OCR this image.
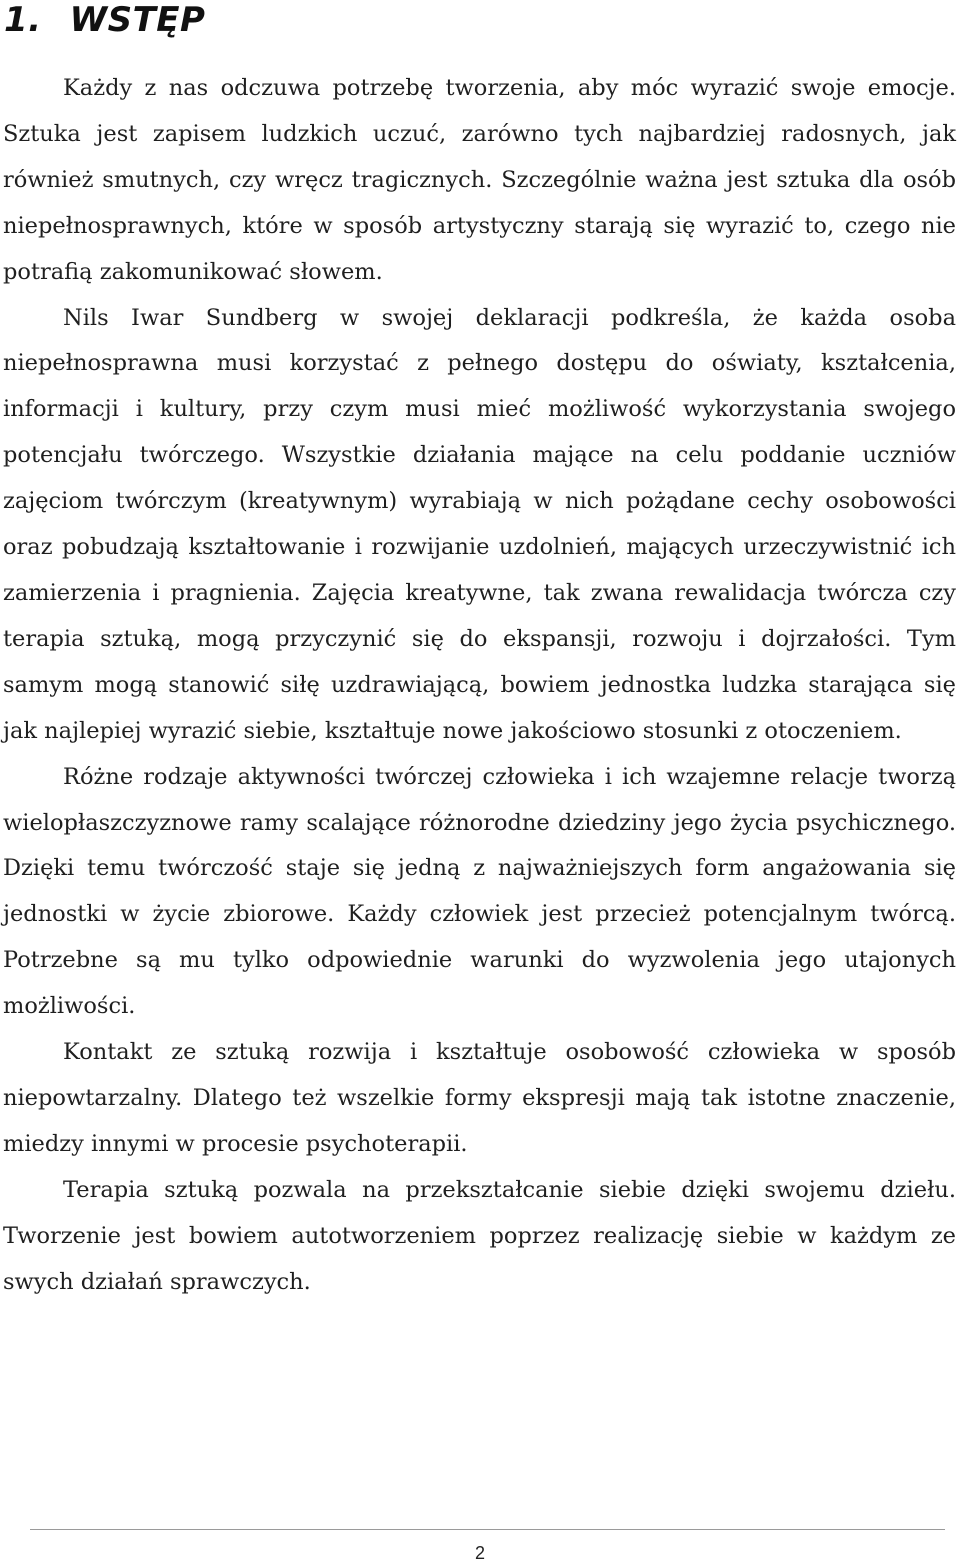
1. WSTĘP

Każdy z nas odczuwa potrzebę tworzenia, aby móc wyrazić swoje emocje. Sztuka jest zapisem ludzkich uczuć, zarówno tych najbardziej radosnych, jak również smutnych, czy wręcz tragicznych. Szczególnie ważna jest sztuka dla osób niepełnosprawnych, które w sposób artystyczny starają się wyrazić to, czego nie potrafią zakomunikować słowem.

Nils Iwar Sundberg w swojej deklaracji podkreśla, że każda osoba niepełnosprawna musi korzystać z pełnego dostępu do oświaty, kształcenia, informacji i kultury, przy czym musi mieć możliwość wykorzystania swojego potencjału twórczego. Wszystkie działania mające na celu poddanie uczniów zajęciom twórczym (kreatywnym) wyrabiają w nich pożądane cechy osobowości oraz pobudzają kształtowanie i rozwijanie uzdolnień, mających urzeczywistnić ich zamierzenia i pragnienia. Zajęcia kreatywne, tak zwana rewalidacja twórcza czy terapia sztuką, mogą przyczynić się do ekspansji, rozwoju i dojrzałości. Tym samym mogą stanowić siłę uzdrawiającą, bowiem jednostka ludzka starająca się jak najlepiej wyrazić siebie, kształtuje nowe jakościowo stosunki z otoczeniem.

Różne rodzaje aktywności twórczej człowieka i ich wzajemne relacje tworzą wielopłaszczyznowe ramy scalające różnorodne dziedziny jego życia psychicznego. Dzięki temu twórczość staje się jedną z najważniejszych form angażowania się jednostki w życie zbiorowe. Każdy człowiek jest przecież potencjalnym twórcą. Potrzebne są mu tylko odpowiednie warunki do wyzwolenia jego utajonych możliwości.

Kontakt ze sztuką rozwija i kształtuje osobowość człowieka w sposób niepowtarzalny. Dlatego też wszelkie formy ekspresji mają tak istotne znaczenie, miedzy innymi w procesie psychoterapii.

Terapia sztuką pozwala na przekształcanie siebie dzięki swojemu dziełu. Tworzenie jest bowiem autotworzeniem poprzez realizację siebie w każdym ze swych działań sprawczych.

2
